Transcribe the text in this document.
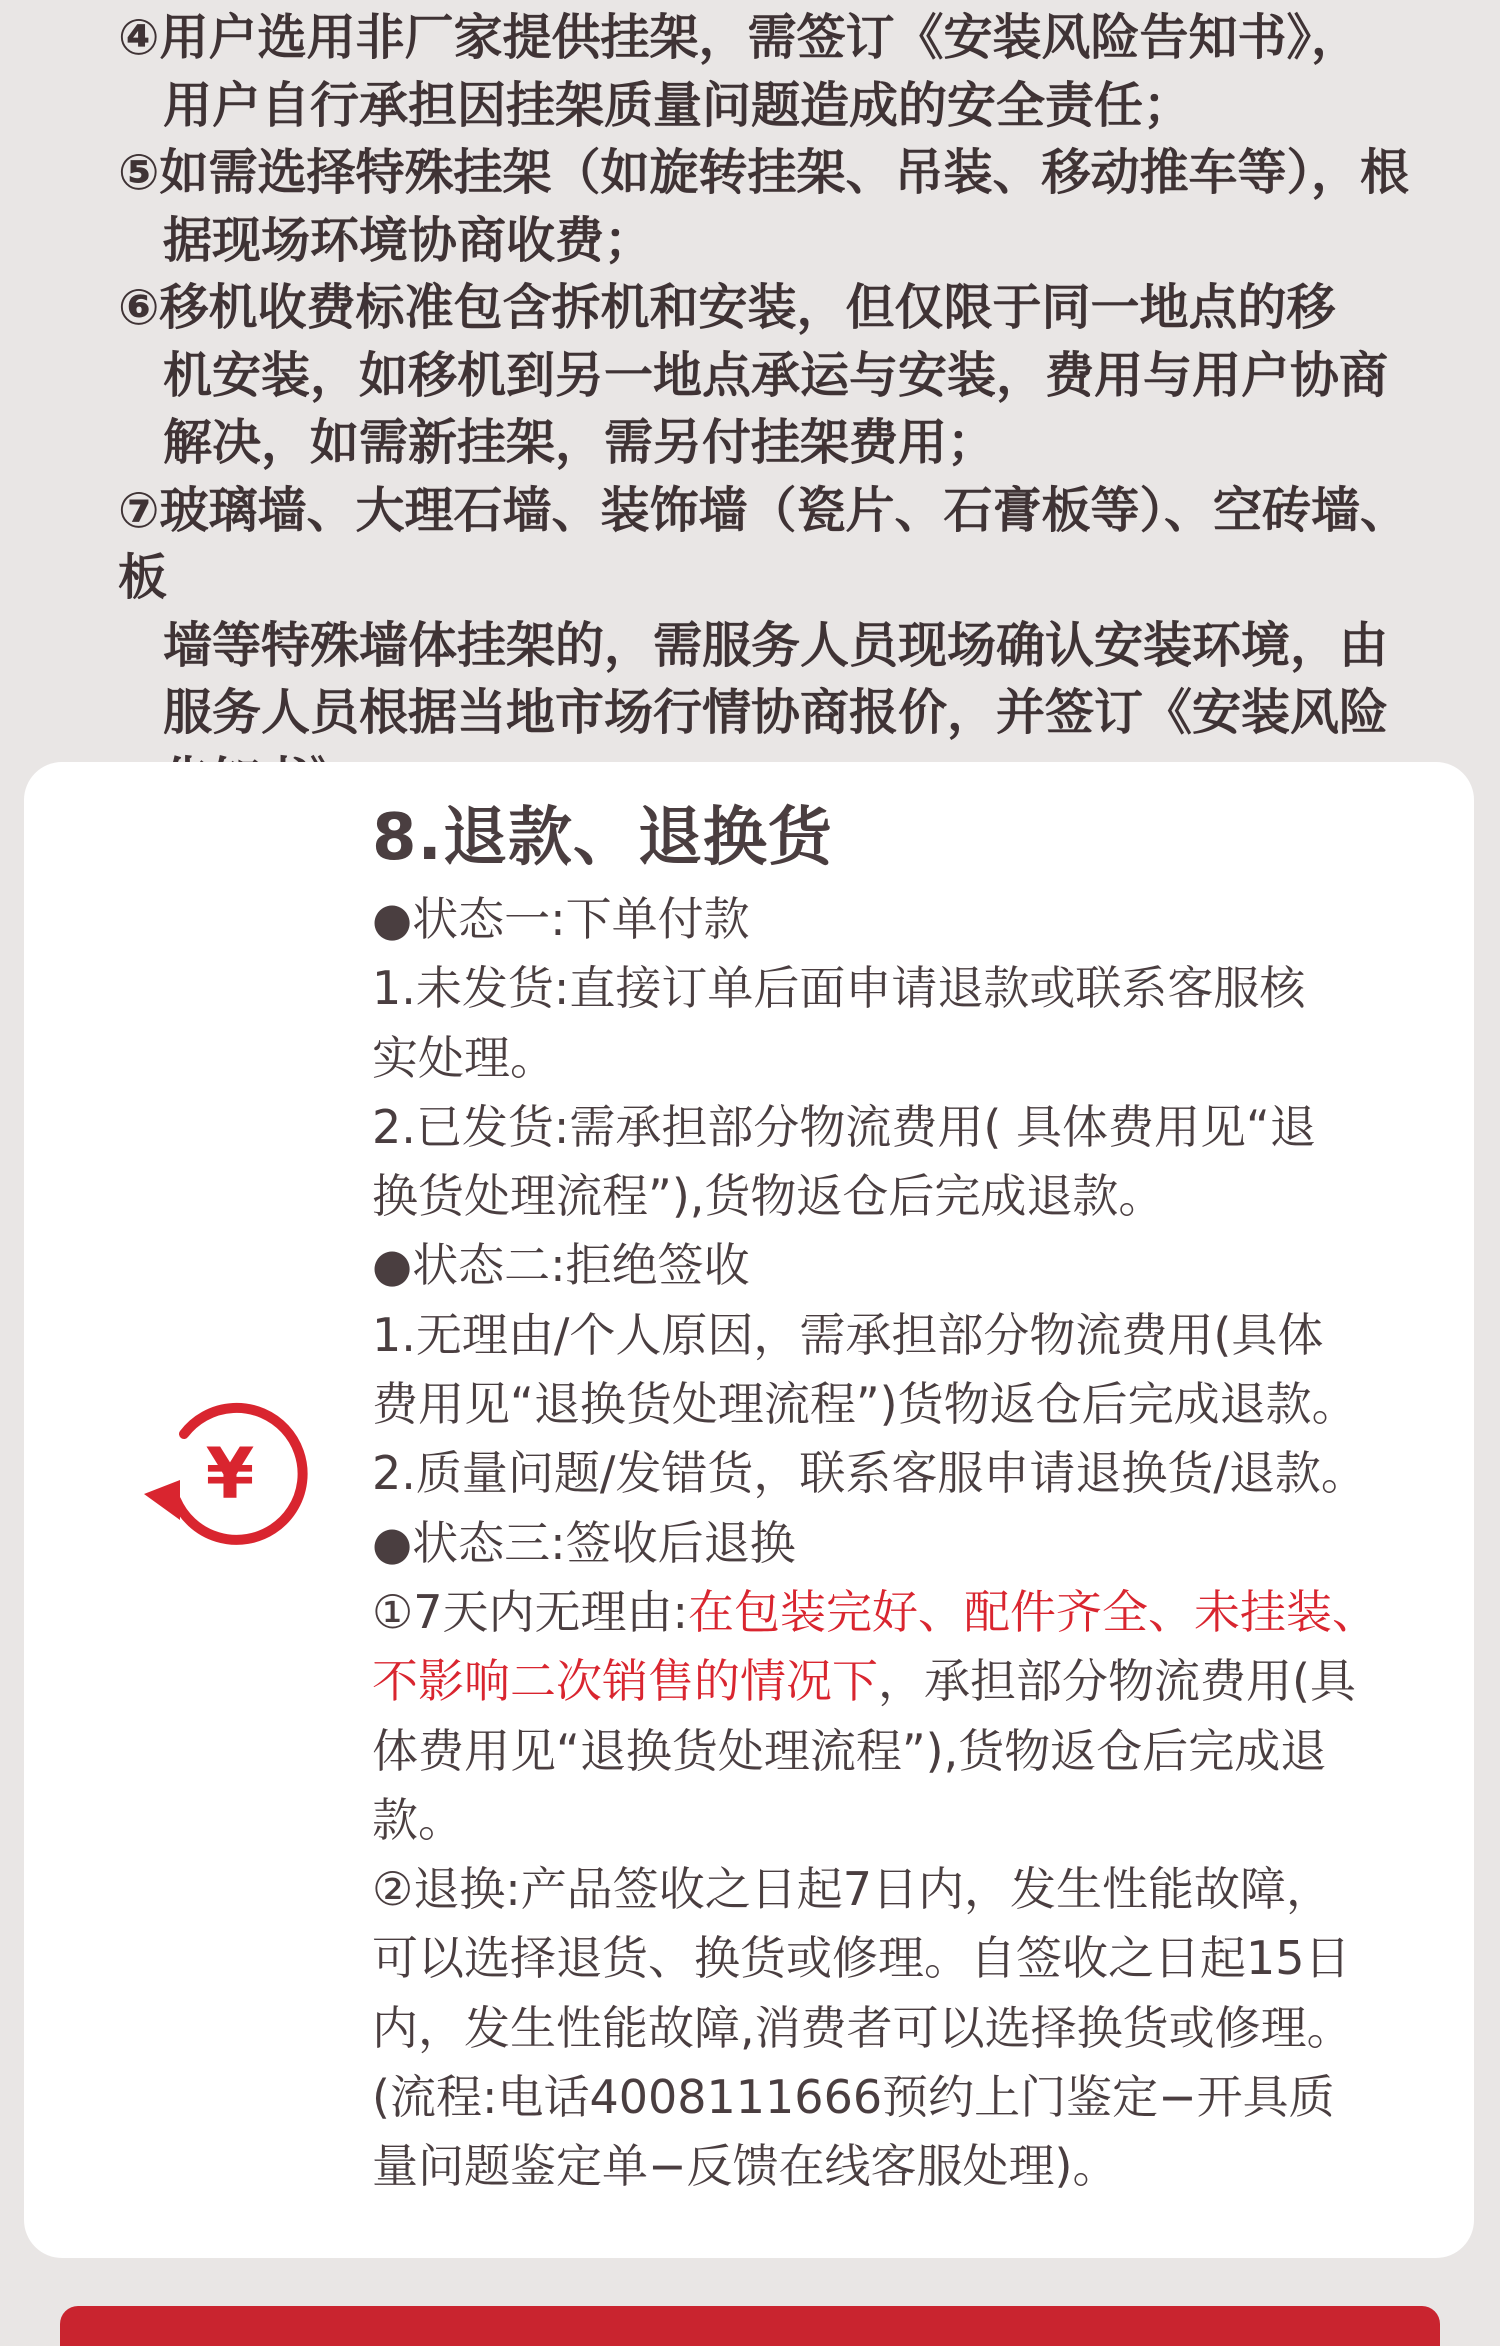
④用户选用非厂家提供挂架，需签订《安装风险告知书》，
用户自行承担因挂架质量问题造成的安全责任；
⑤如需选择特殊挂架（如旋转挂架、吊装、移动推车等），根
据现场环境协商收费；
⑥移机收费标准包含拆机和安装，但仅限于同一地点的移
机安装，如移机到另一地点承运与安装，费用与用户协商
解决，如需新挂架，需另付挂架费用；
⑦玻璃墙、大理石墙、装饰墙（瓷片、石膏板等）、空砖墙、板
墙等特殊墙体挂架的，需服务人员现场确认安装环境，由
服务人员根据当地市场行情协商报价，并签订《安装风险
¥
8.退款、退换货

●状态一:下单付款

1.未发货:直接订单后面申请退款或联系客服核

实处理。

2.已发货:需承担部分物流费用( 具体费用见“退

换货处理流程”),货物返仓后完成退款。

●状态二:拒绝签收

1.无理由/个人原因，需承担部分物流费用(具体

费用见“退换货处理流程”)货物返仓后完成退款。

2.质量问题/发错货，联系客服申请退换货/退款。

●状态三:签收后退换

①7天内无理由:在包装完好、配件齐全、未挂装、

不影响二次销售的情况下，承担部分物流费用(具

体费用见“退换货处理流程”),货物返仓后完成退

款。

②退换:产品签收之日起7日内，发生性能故障，

可以选择退货、换货或修理。自签收之日起15日

内，发生性能故障,消费者可以选择换货或修理。

(流程:电话4008111666预约上门鉴定−开具质

量问题鉴定单−反馈在线客服处理)。
